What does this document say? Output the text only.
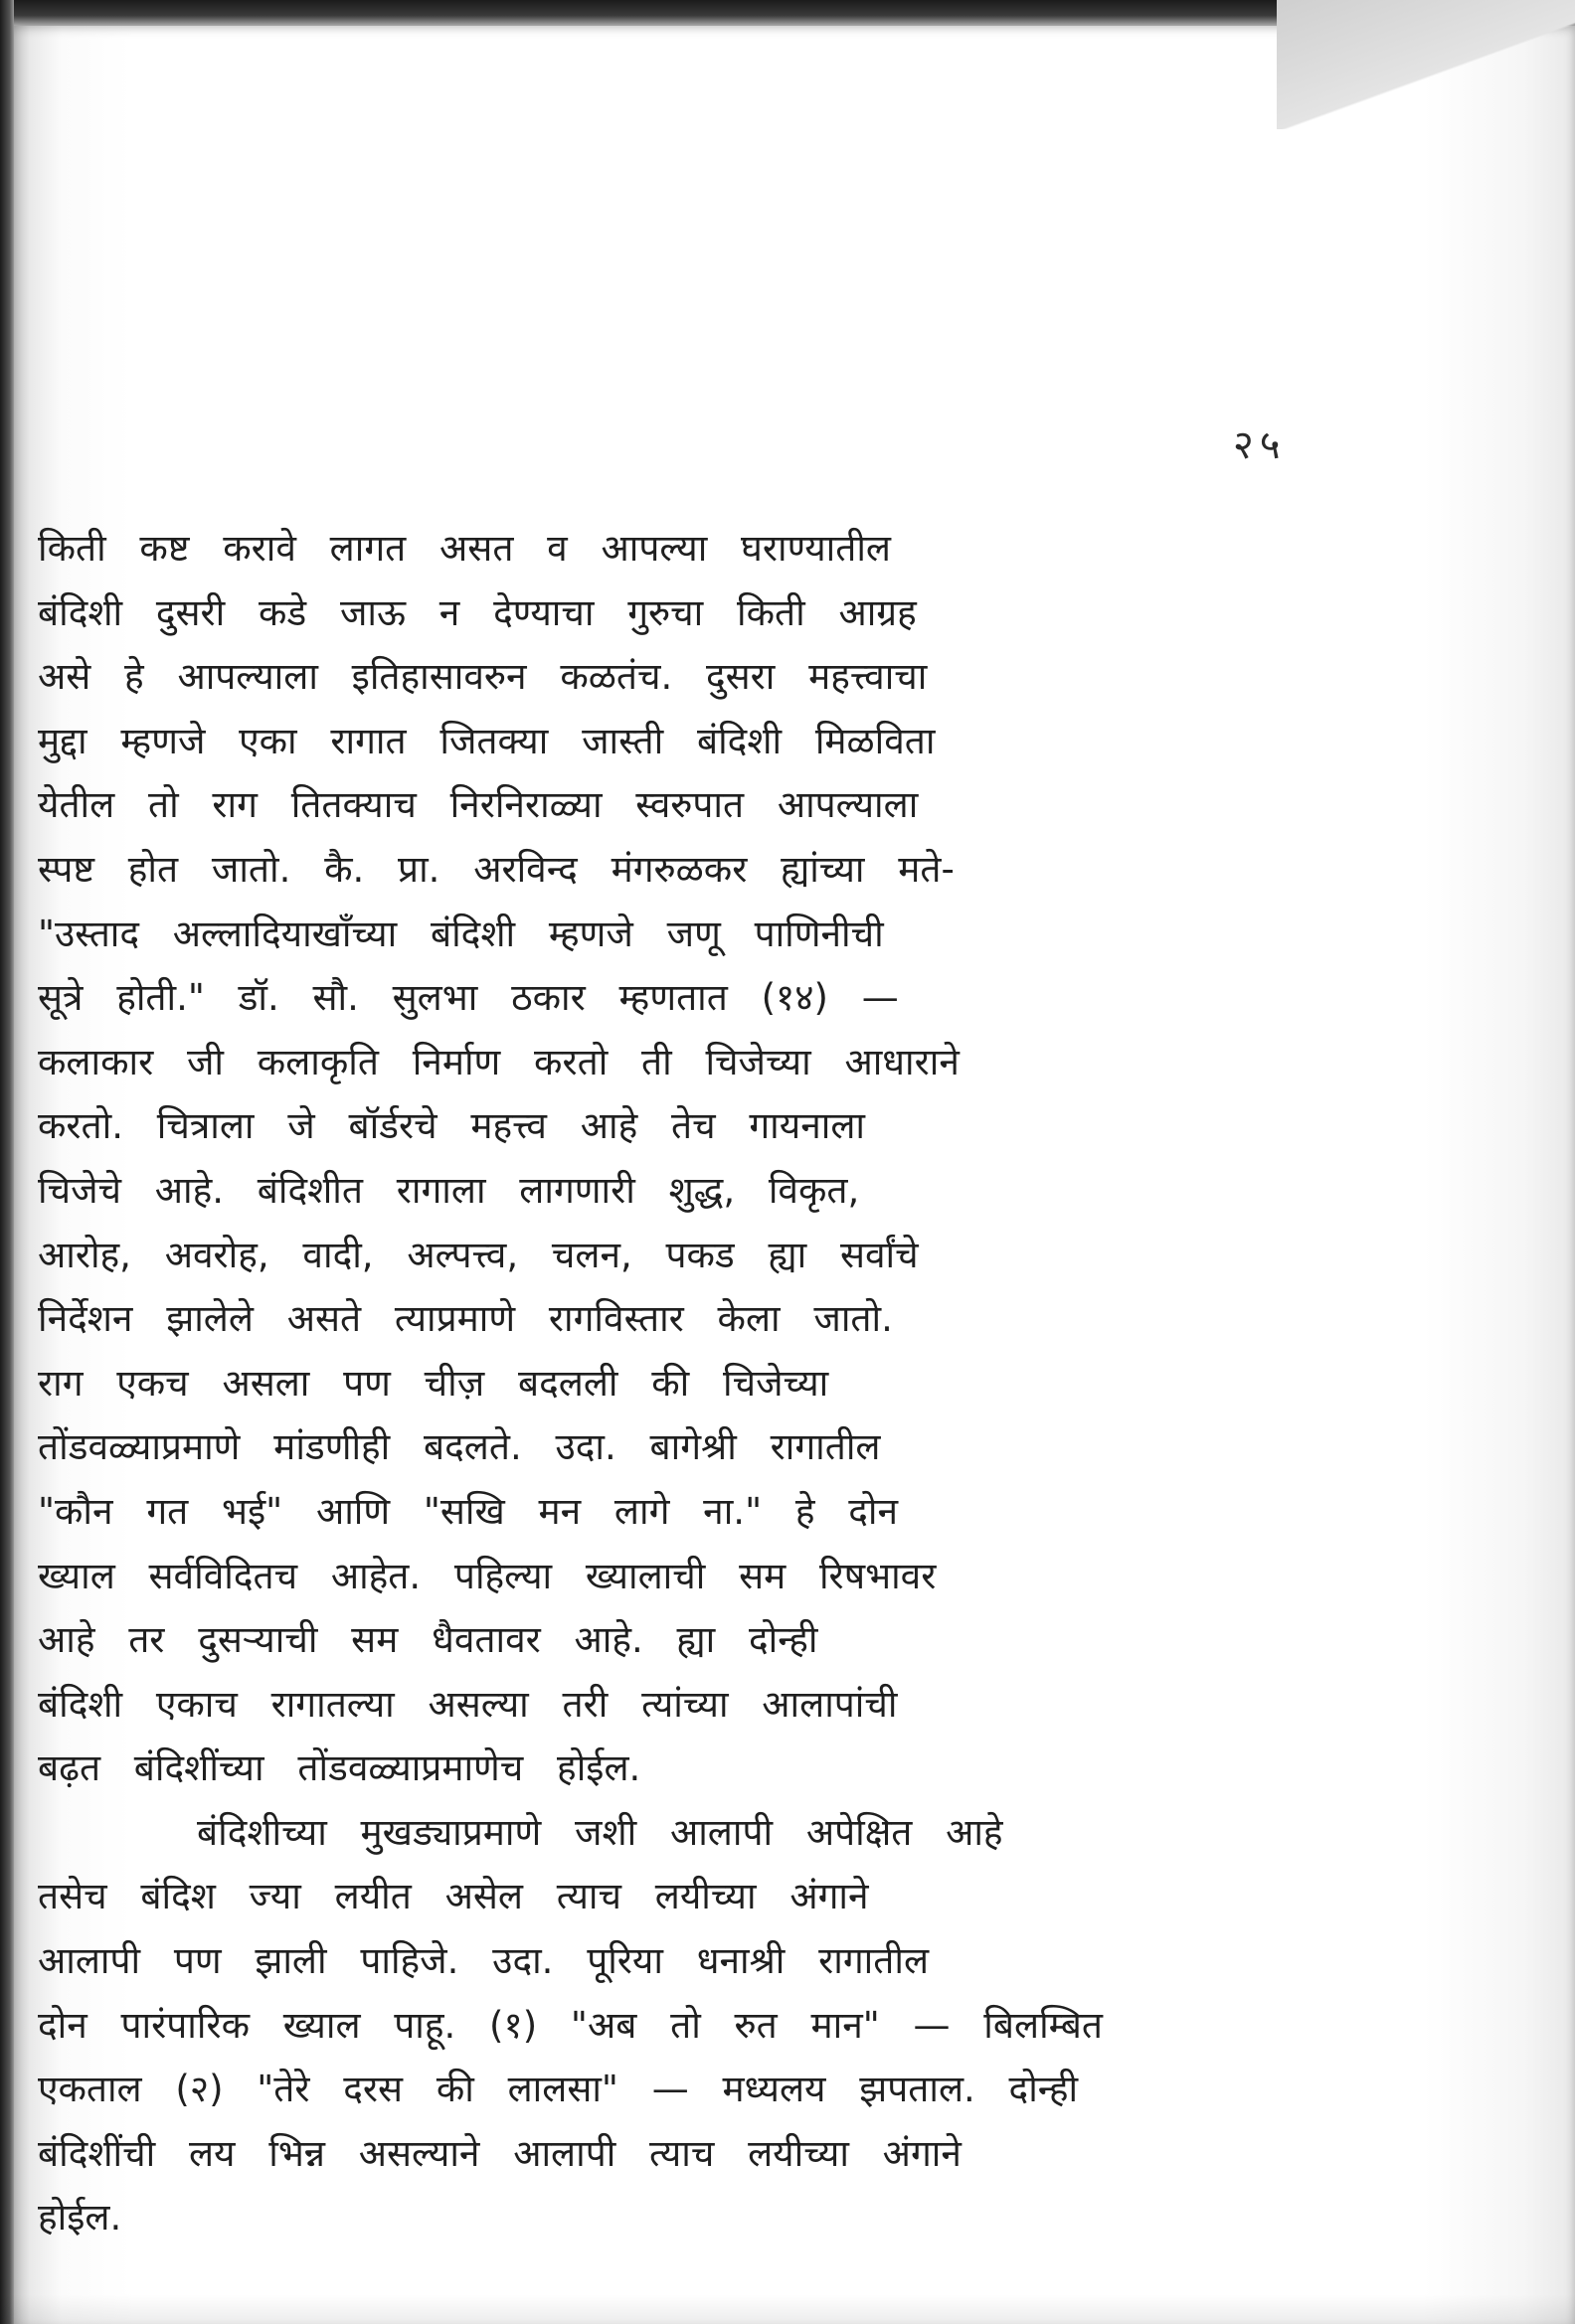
२५
किती कष्ट करावे लागत असत व आपल्या घराण्यातील
बंदिशी दुसरी कडे जाऊ न देण्याचा गुरुचा किती आग्रह
असे हे आपल्याला इतिहासावरुन कळतंच. दुसरा महत्त्वाचा
मुद्दा म्हणजे एका रागात जितक्या जास्ती बंदिशी मिळविता
येतील तो राग तितक्याच निरनिराळ्या स्वरुपात आपल्याला
स्पष्ट होत जातो. कै. प्रा. अरविन्द मंगरुळकर ह्यांच्या मते-
"उस्ताद अल्लादियाखाँच्या बंदिशी म्हणजे जणू पाणिनीची
सूत्रे होती." डॉ. सौ. सुलभा ठकार म्हणतात (१४) —
कलाकार जी कलाकृति निर्माण करतो ती चिजेच्या आधाराने
करतो. चित्राला जे बॉर्डरचे महत्त्व आहे तेच गायनाला
चिजेचे आहे. बंदिशीत रागाला लागणारी शुद्ध, विकृत,
आरोह, अवरोह, वादी, अल्पत्त्व, चलन, पकड ह्या सर्वांचे
निर्देशन झालेले असते त्याप्रमाणे रागविस्तार केला जातो.
राग एकच असला पण चीज़ बदलली की चिजेच्या
तोंडवळ्याप्रमाणे मांडणीही बदलते. उदा. बागेश्री रागातील
"कौन गत भई" आणि "सखि मन लागे ना." हे दोन
ख्याल सर्वविदितच आहेत. पहिल्या ख्यालाची सम रिषभावर
आहे तर दुसऱ्याची सम धैवतावर आहे. ह्या दोन्ही
बंदिशी एकाच रागातल्या असल्या तरी त्यांच्या आलापांची
बढ़त बंदिशींच्या तोंडवळ्याप्रमाणेच होईल.
बंदिशीच्या मुखड्याप्रमाणे जशी आलापी अपेक्षित आहे
तसेच बंदिश ज्या लयीत असेल त्याच लयीच्या अंगाने
आलापी पण झाली पाहिजे. उदा. पूरिया धनाश्री रागातील
दोन पारंपारिक ख्याल पाहू. (१) "अब तो रुत मान" — बिलम्बित
एकताल (२) "तेरे दरस की लालसा" — मध्यलय झपताल. दोन्ही
बंदिशींची लय भिन्न असल्याने आलापी त्याच लयीच्या अंगाने
होईल.
